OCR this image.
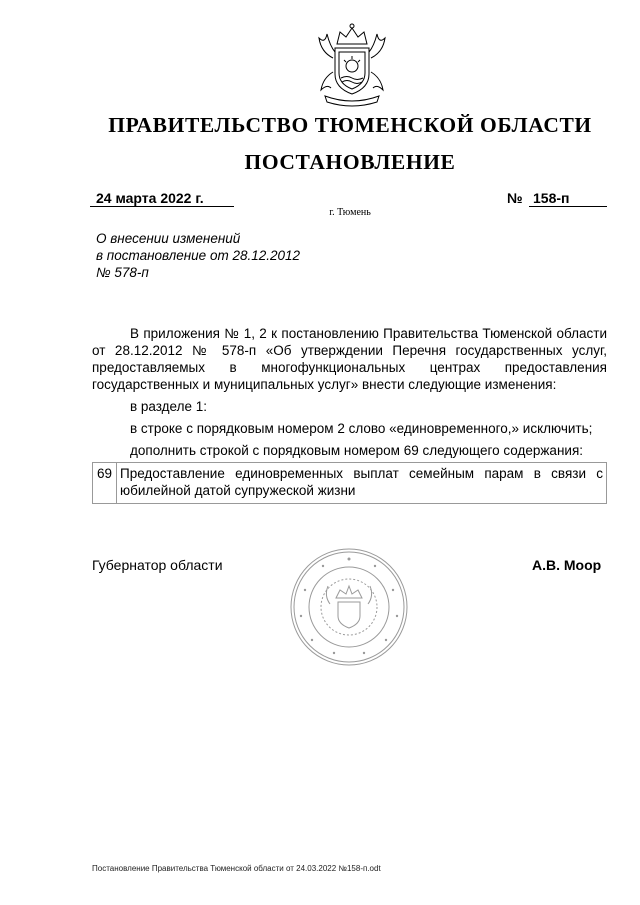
ПРАВИТЕЛЬСТВО ТЮМЕНСКОЙ ОБЛАСТИ
ПОСТАНОВЛЕНИЕ
24 марта 2022 г.	№ 158-п
г. Тюмень
О внесении изменений
в постановление от 28.12.2012
№ 578-п
В приложения № 1, 2 к постановлению Правительства Тюменской области от 28.12.2012 № 578-п «Об утверждении Перечня государственных услуг, предоставляемых в многофункциональных центрах предоставления государственных и муниципальных услуг» внести следующие изменения:
в разделе 1:
в строке с порядковым номером 2 слово «единовременного,» исключить;
дополнить строкой с порядковым номером 69 следующего содержания:
69	Предоставление единовременных выплат семейным парам в связи с юбилейной датой супружеской жизни
Губернатор области	А.В. Моор
Постановление Правительства Тюменской области от 24.03.2022 №158-п.odt
